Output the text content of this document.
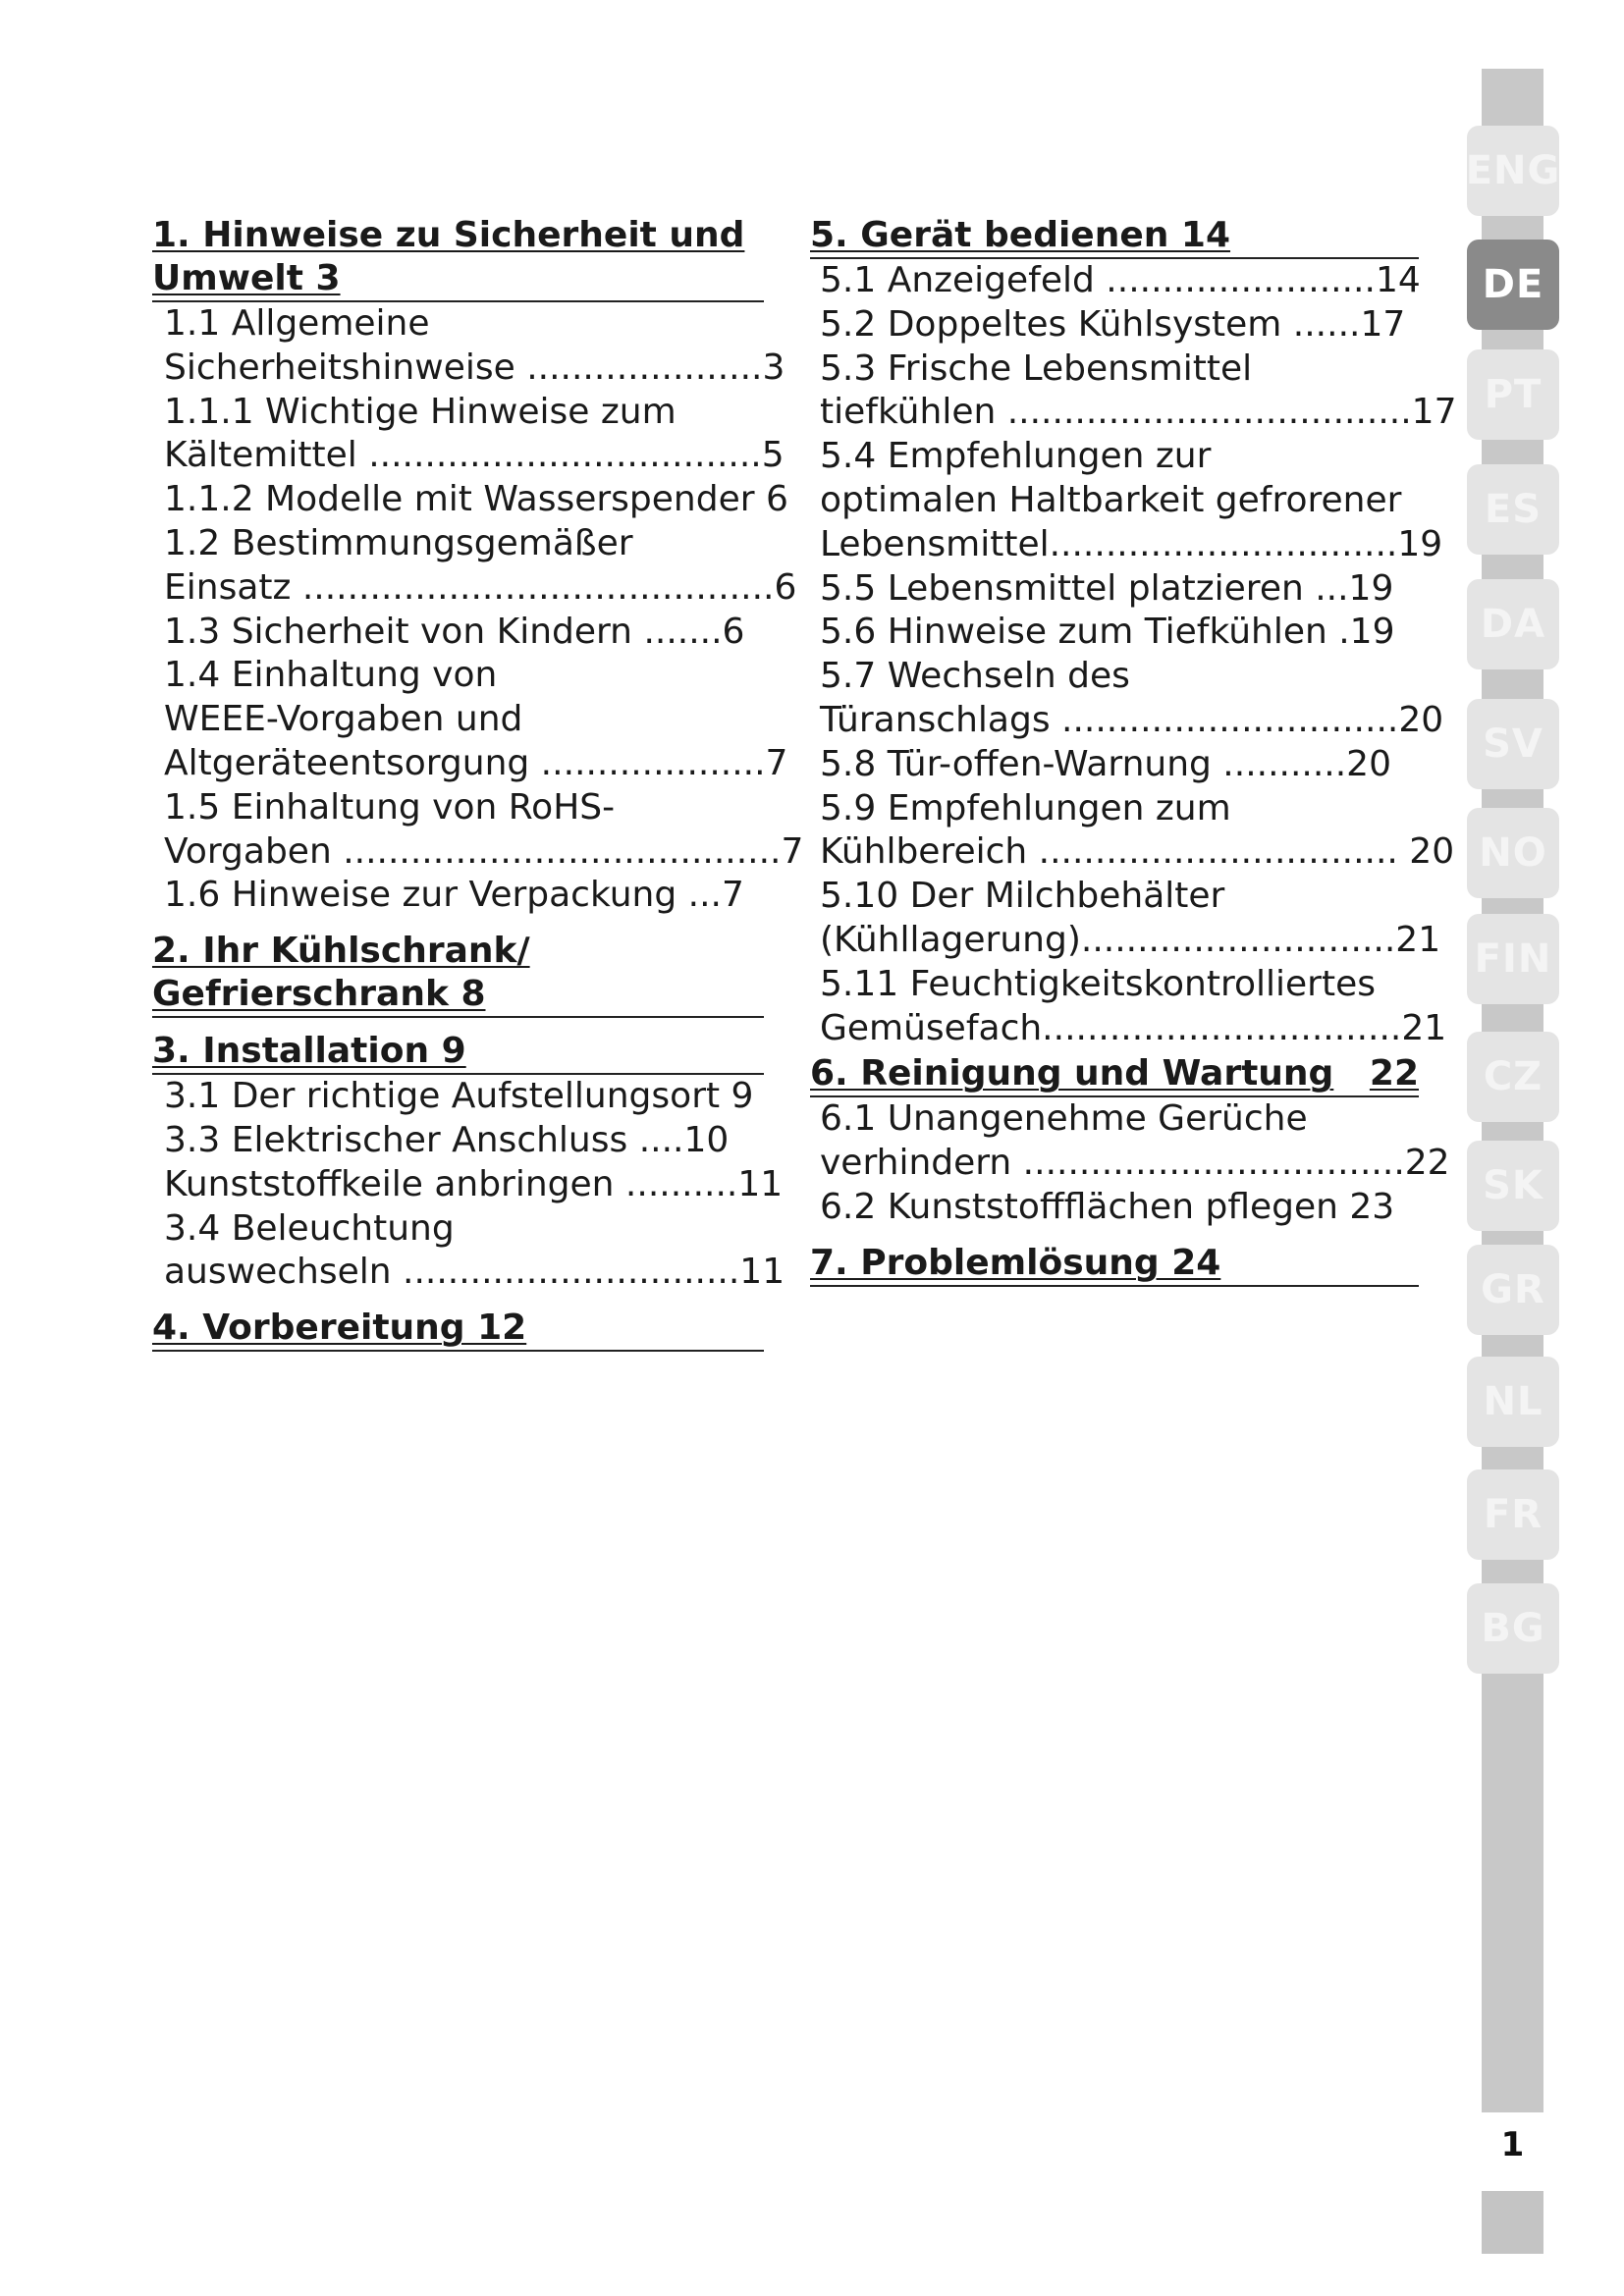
1. Hinweise zu Sicherheit und
Umwelt 3
1.1 Allgemeine
Sicherheitshinweise .....................3
1.1.1 Wichtige Hinweise zum
Kältemittel ...................................5
1.1.2 Modelle mit Wasserspender 6
1.2 Bestimmungsgemäßer
Einsatz ..........................................6
1.3 Sicherheit von Kindern .......6
1.4 Einhaltung von
WEEE-Vorgaben und
Altgeräteentsorgung ....................7
1.5 Einhaltung von RoHS-
Vorgaben .......................................7
1.6 Hinweise zur Verpackung ...7
2. Ihr Kühlschrank/
Gefrierschrank 8
3. Installation 9
3.1 Der richtige Aufstellungsort 9
3.3 Elektrischer Anschluss ....10
Kunststoffkeile anbringen ..........11
3.4 Beleuchtung
auswechseln ..............................11
4. Vorbereitung 12
5. Gerät bedienen 14
5.1 Anzeigefeld ........................14
5.2 Doppeltes Kühlsystem ......17
5.3 Frische Lebensmittel
tiefkühlen ....................................17
5.4 Empfehlungen zur
optimalen Haltbarkeit gefrorener
Lebensmittel...............................19
5.5 Lebensmittel platzieren ...19
5.6 Hinweise zum Tiefkühlen .19
5.7 Wechseln des
Türanschlags ..............................20
5.8 Tür-offen-Warnung ...........20
5.9 Empfehlungen zum
Kühlbereich ................................ 20
5.10 Der Milchbehälter
(Kühllagerung)............................21
5.11 Feuchtigkeitskontrolliertes
Gemüsefach................................21
6. Reinigung und Wartung 22
6.1 Unangenehme Gerüche
verhindern ..................................22
6.2 Kunststoffflächen pflegen 23
7. Problemlösung 24
ENG
DE
PT
ES
DA
SV
NO
FIN
CZ
SK
GR
NL
FR
BG
1
